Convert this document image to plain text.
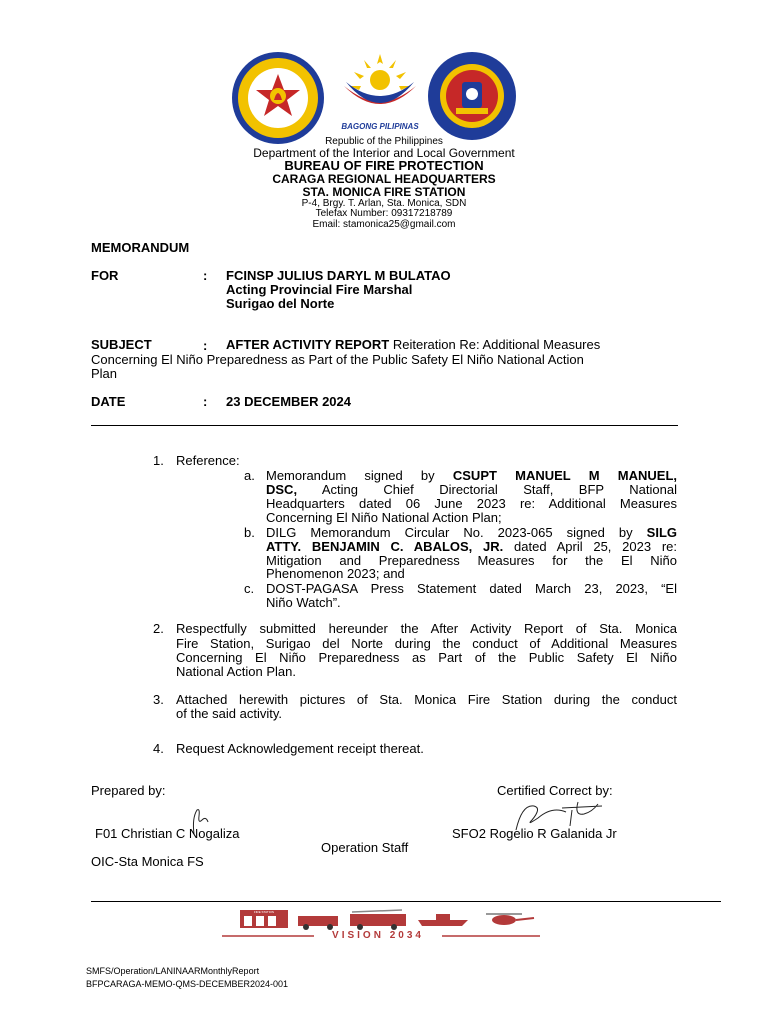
BAGONG PILIPINAS
Republic of the Philippines
Department of the Interior and Local Government
BUREAU OF FIRE PROTECTION
CARAGA REGIONAL HEADQUARTERS
STA. MONICA FIRE STATION
P-4, Brgy. T. Arlan, Sta. Monica, SDN
Telefax Number: 09317218789
Email: stamonica25@gmail.com
MEMORANDUM
FOR	: FCINSP JULIUS DARYL M BULATAO
Acting Provincial Fire Marshal
Surigao del Norte
SUBJECT	: AFTER ACTIVITY REPORT Reiteration Re: Additional Measures
Concerning El Niño Preparedness as Part of the Public Safety El Niño National Action
Plan
DATE	: 23 DECEMBER 2024
1. Reference:
a. Memorandum signed by CSUPT MANUEL M MANUEL,
DSC, Acting Chief Directorial Staff, BFP National
Headquarters dated 06 June 2023 re: Additional Measures
Concerning El Niño National Action Plan;
b. DILG Memorandum Circular No. 2023-065 signed by SILG
ATTY. BENJAMIN C. ABALOS, JR. dated April 25, 2023 re:
Mitigation and Preparedness Measures for the El Niño
Phenomenon 2023; and
c. DOST-PAGASA Press Statement dated March 23, 2023, “El
Niño Watch”.
2. Respectfully submitted hereunder the After Activity Report of Sta. Monica
Fire Station, Surigao del Norte during the conduct of Additional Measures
Concerning El Niño Preparedness as Part of the Public Safety El Niño
National Action Plan.
3. Attached herewith pictures of Sta. Monica Fire Station during the conduct
of the said activity.
4. Request Acknowledgement receipt thereat.
Prepared by:	Certified Correct by:
F01 Christian C Nogaliza	SFO2 Rogelio R Galanida Jr
Operation Staff
OIC-Sta Monica FS
FIRE STATION
VISION 2034
SMFS/Operation/LANINAARMonthlyReport
BFPCARAGA-MEMO-QMS-DECEMBER2024-001
